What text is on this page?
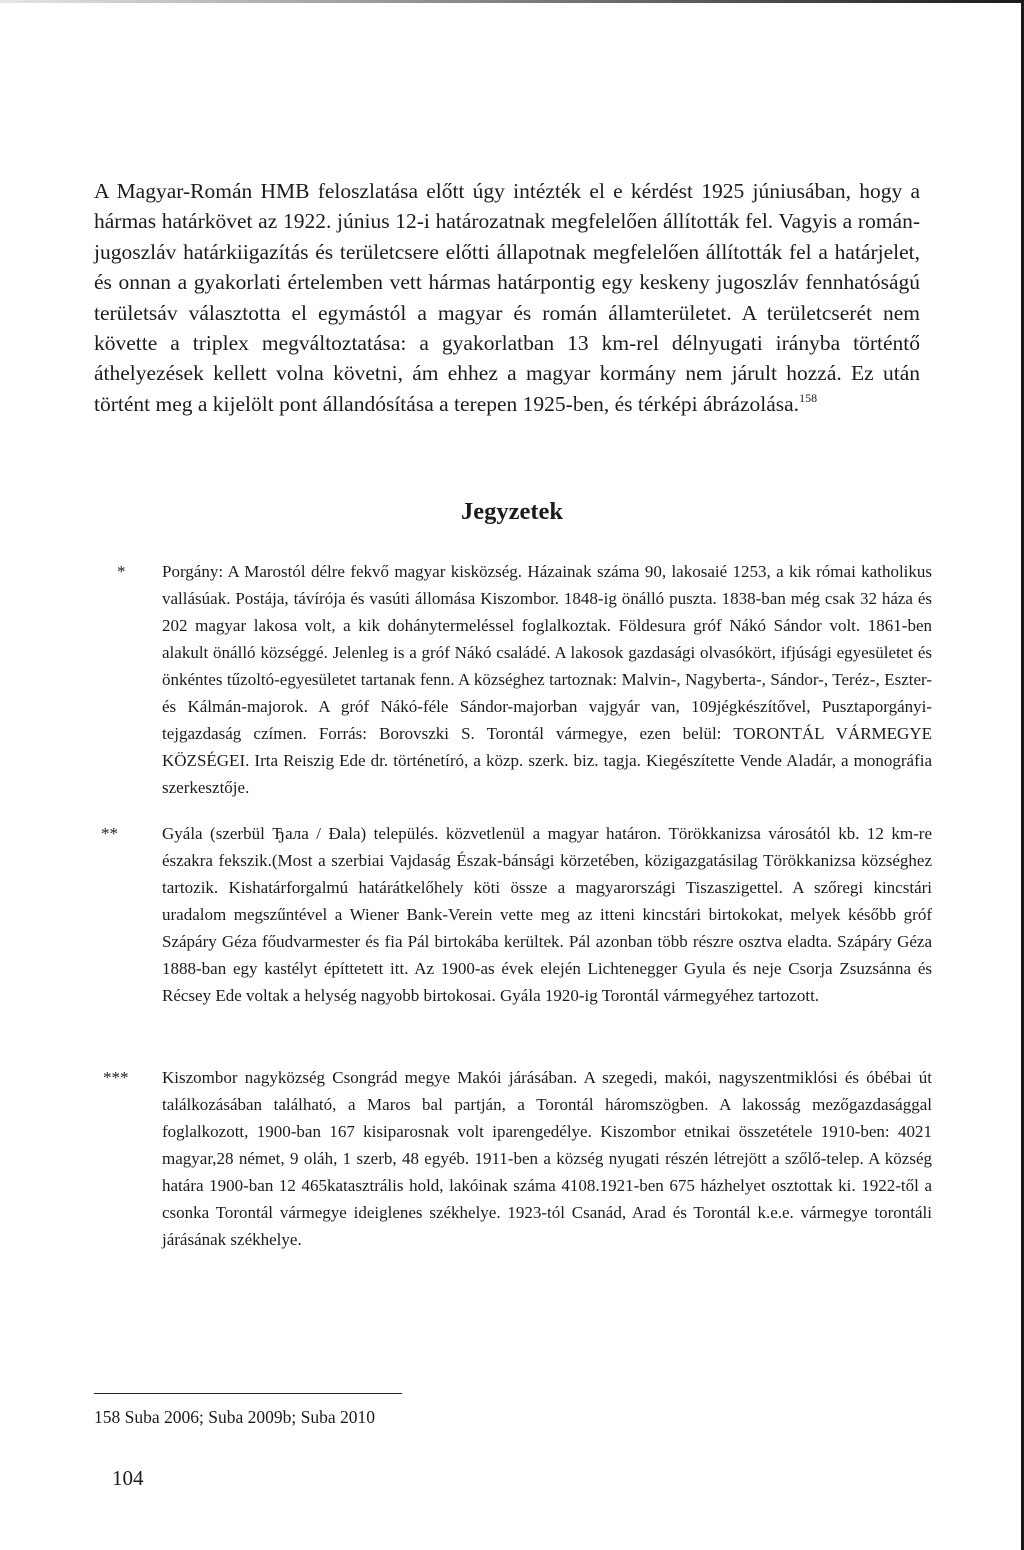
A Magyar-Román HMB feloszlatása előtt úgy intézték el e kérdést 1925 júniusában, hogy a hármas határkövet az 1922. június 12-i határozatnak megfelelően állították fel. Vagyis a román-jugoszláv határkiigazítás és területcsere előtti állapotnak megfelelően állították fel a határjelet, és onnan a gyakorlati értelemben vett hármas határpontig egy keskeny jugoszláv fennhatóságú területsáv választotta el egymástól a magyar és román államterületet. A területcserét nem követte a triplex megváltoztatása: a gyakorlatban 13 km-rel délnyugati irányba történtő áthelyezések kellett volna követni, ám ehhez a magyar kormány nem járult hozzá. Ez után történt meg a kijelölt pont állandósítása a terepen 1925-ben, és térképi ábrázolása.$^{158}$

Jegyzetek
* Porgány: A Marostól délre fekvő magyar kisközség. Házainak száma 90, lakosaié 1253, a kik római katholikus vallásúak. Postája, távírója és vasúti állomása Kiszombor. 1848-ig önálló puszta. 1838-ban még csak 32 háza és 202 magyar lakosa volt, a kik dohánytermeléssel foglalkoztak. Földesura gróf Nákó Sándor volt. 1861-ben alakult önálló községgé. Jelenleg is a gróf Nákó családé. A lakosok gazdasági olvasókört, ifjúsági egyesületet és önkéntes tűzoltó-egyesületet tartanak fenn. A községhez tartoznak: Malvin-, Nagyberta-, Sándor-, Teréz-, Eszter- és Kálmán-majorok. A gróf Nákó-féle Sándor-majorban vajgyár van, 109jégkészítővel, Pusztaporgányi-tejgazdaság czímen. Forrás: Borovszki S. Torontál vármegye, ezen belül: TORONTÁL VÁRMEGYE KÖZSÉGEI. Irta Reiszig Ede dr. történetíró, a közp. szerk. biz. tagja. Kiegészítette Vende Aladár, a monográfia szerkesztője.
**	Gyála (szerbül Ђала / Đala) település. közvetlenül a magyar határon. Törökkanizsa városától kb. 12 km-re északra fekszik.(Most a szerbiai Vajdaság Észak-bánsági körzetében, közigazgatásilag Törökkanizsa községhez tartozik. Kishatárforgalmú határátkelőhely köti össze a magyarországi Tiszaszigettel. A szőregi kincstári uradalom megszűntével a Wiener Bank-Verein vette meg az itteni kincstári birtokokat, melyek később gróf Szápáry Géza főudvarmester és fia Pál birtokába kerültek. Pál azonban több részre osztva eladta. Szápáry Géza 1888-ban egy kastélyt építtetett itt. Az 1900-as évek elején Lichtenegger Gyula és neje Csorja Zsuzsánna és Récsey Ede voltak a helység nagyobb birtokosai. Gyála 1920-ig Torontál vármegyéhez tartozott.
*** Kiszombor nagyközség Csongrád megye Makói járásában. A szegedi, makói, nagyszentmiklósi és óbébai út találkozásában található, a Maros bal partján, a Torontál háromszögben. A lakosság mezőgazdasággal foglalkozott, 1900-ban 167 kisiparosnak volt iparengedélye. Kiszombor etnikai összetétele 1910-ben: 4021 magyar,28 német, 9 oláh, 1 szerb, 48 egyéb. 1911-ben a község nyugati részén létrejött a szőlő-telep. A község határa 1900-ban 12 465katasztrális hold, lakóinak száma 4108.1921-ben 675 házhelyet osztottak ki. 1922-től a csonka Torontál vármegye ideiglenes székhelye. 1923-tól Csanád, Arad és Torontál k.e.e. vármegye torontáli járásának székhelye.
158 Suba 2006; Suba 2009b; Suba 2010
104
